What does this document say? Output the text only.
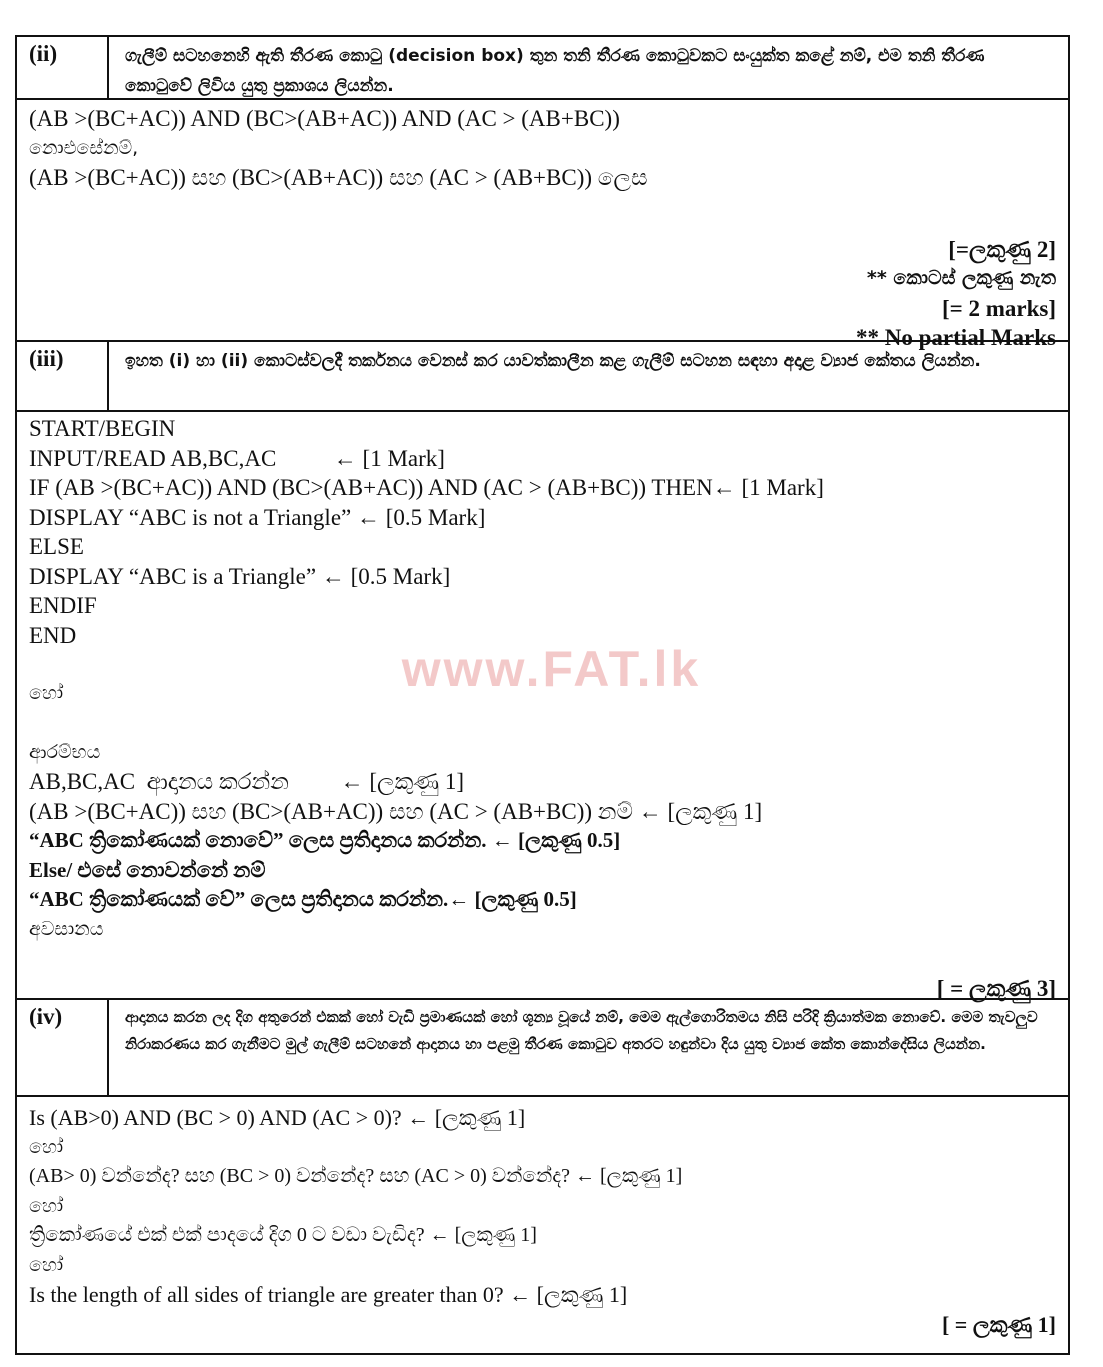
(ii)	ගැලීම් සටහනෙහි ඇති තීරණ කොටු (decision box) තුන තනි තීරණ කොටුවකට සංයුක්ත කළේ නම්, එම තනි තීරණ කොටුවේ ලිවිය යුතු ප්‍රකාශය ලියන්න.
(AB >(BC+AC)) AND (BC>(AB+AC)) AND (AC > (AB+BC))
නොඑසේනම්,
(AB >(BC+AC)) සහ (BC>(AB+AC)) සහ (AC > (AB+BC)) ලෙස
[=ලකුණු 2]
** කොටස් ලකුණු නැත
[= 2 marks]
** No partial Marks
(iii)	ඉහත (i) හා (ii) කොටස්වලදී තර්කනය වෙනස් කර යාවත්කාලීන කළ ගැලීම් සටහන සඳහා අදාළ ව්‍යාජ කේතය ලියන්න.
START/BEGIN
INPUT/READ AB,BC,AC          ← [1 Mark]
IF (AB >(BC+AC)) AND (BC>(AB+AC)) AND (AC > (AB+BC)) THEN← [1 Mark]
DISPLAY “ABC is not a Triangle” ← [0.5 Mark]
ELSE
DISPLAY “ABC is a Triangle” ← [0.5 Mark]
ENDIF
END
හෝ
ආරම්භය
AB,BC,AC  ආදානය කරන්න         ← [ලකුණු 1]
(AB >(BC+AC)) සහ (BC>(AB+AC)) සහ (AC > (AB+BC)) නම් ← [ලකුණු 1]
“ABC ත්‍රිකෝණයක් නොවේ” ලෙස ප්‍රතිදානය කරන්න. ← [ලකුණු 0.5]
Else/ එසේ නොවන්නේ නම්
“ABC ත්‍රිකෝණයක් වේ” ලෙස ප්‍රතිදානය කරන්න.← [ලකුණු 0.5]
අවසානය
[ = ලකුණු 3]
(iv)	ආදානය කරන ලද දිග අතුරෙන් එකක් හෝ වැඩි ප්‍රමාණයක් හෝ ශූන්‍ය වූයේ නම්, මෙම ඇල්ගොරිතමය නිසි පරිදි ක්‍රියාත්මක නොවේ. මෙම තැවලුව නිරාකරණය කර ගැනීමට මුල් ගැලීම් සටහනේ ආදානය හා පළමු තීරණ කොටුව අතරට හඳුන්වා දිය යුතු ව්‍යාජ කේත කොන්දේසිය ලියන්න.
Is (AB>0) AND (BC > 0) AND (AC > 0)? ← [ලකුණු 1]
හෝ
(AB> 0) වන්නේද? සහ (BC > 0) වන්නේද? සහ (AC > 0) වන්නේද? ← [ලකුණු 1]
හෝ
ත්‍රිකෝණයේ එක් එක් පාදයේ දිග 0 ට වඩා වැඩිද? ← [ලකුණු 1]
හෝ
Is the length of all sides of triangle are greater than 0? ← [ලකුණු 1]
[ = ලකුණු 1]
www.FAT.lk
